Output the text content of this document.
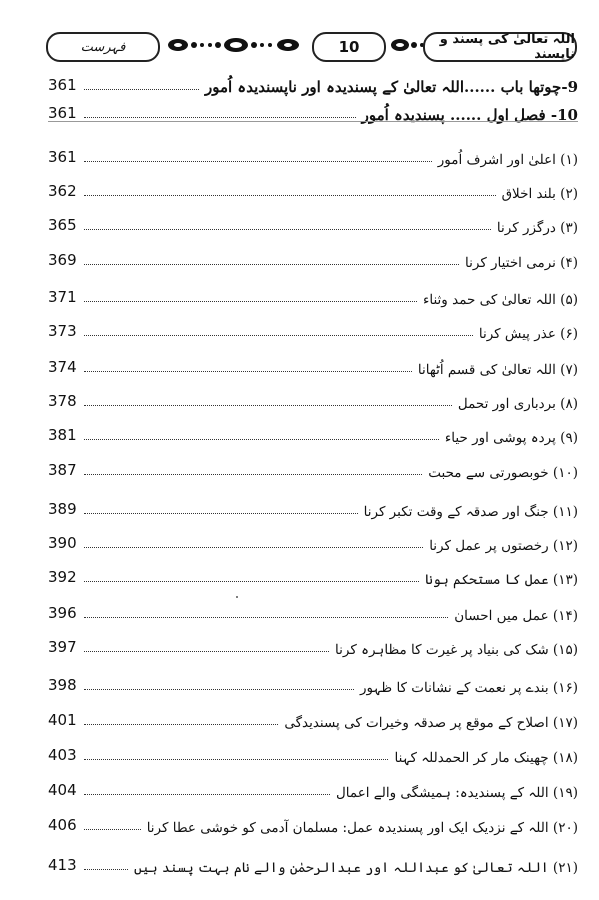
فہرست	10	اللہ تعالیٰ کی پسند و ناپسند
361	9-چوتھا باب ......اللہ تعالیٰ کے پسندیدہ اور ناپسندیدہ اُمور
361	10- فصل اول ...... پسندیدہ اُمور
361	(۱) اعلیٰ اور اشرف اُمور
362	(۲) بلند اخلاق
365	(۳) درگزر کرنا
369	(۴) نرمی اختیار کرنا
371	(۵) اللہ تعالیٰ کی حمد وثناء
373	(۶) عذر پیش کرنا
374	(۷) اللہ تعالیٰ کی قسم اُٹھانا
378	(۸) بردباری اور تحمل
381	(۹) پردہ پوشی اور حیاء
387	(۱۰) خوبصورتی سے محبت
389	(۱۱) جنگ اور صدقہ کے وقت تکبر کرنا
390	(۱۲) رخصتوں پر عمل کرنا
392	(۱۳) عمل کا مستحکم ہونا
396	(۱۴) عمل میں احسان
397	(۱۵) شک کی بنیاد پر غیرت کا مظاہرہ کرنا
398	(۱۶) بندے پر نعمت کے نشانات کا ظہور
401	(۱۷) اصلاح کے موقع پر صدقہ وخیرات کی پسندیدگی
403	(۱۸) چھینک مار کر الحمدللہ کہنا
404	(۱۹) اللہ کے پسندیدہ: ہمیشگی والے اعمال
406	(۲۰) اللہ کے نزدیک ایک اور پسندیدہ عمل: مسلمان آدمی کو خوشی عطا کرنا
413	(۲۱) اللہ تعالیٰ کو عبداللہ اور عبدالرحمٰن والے نام بہت پسند ہیں
